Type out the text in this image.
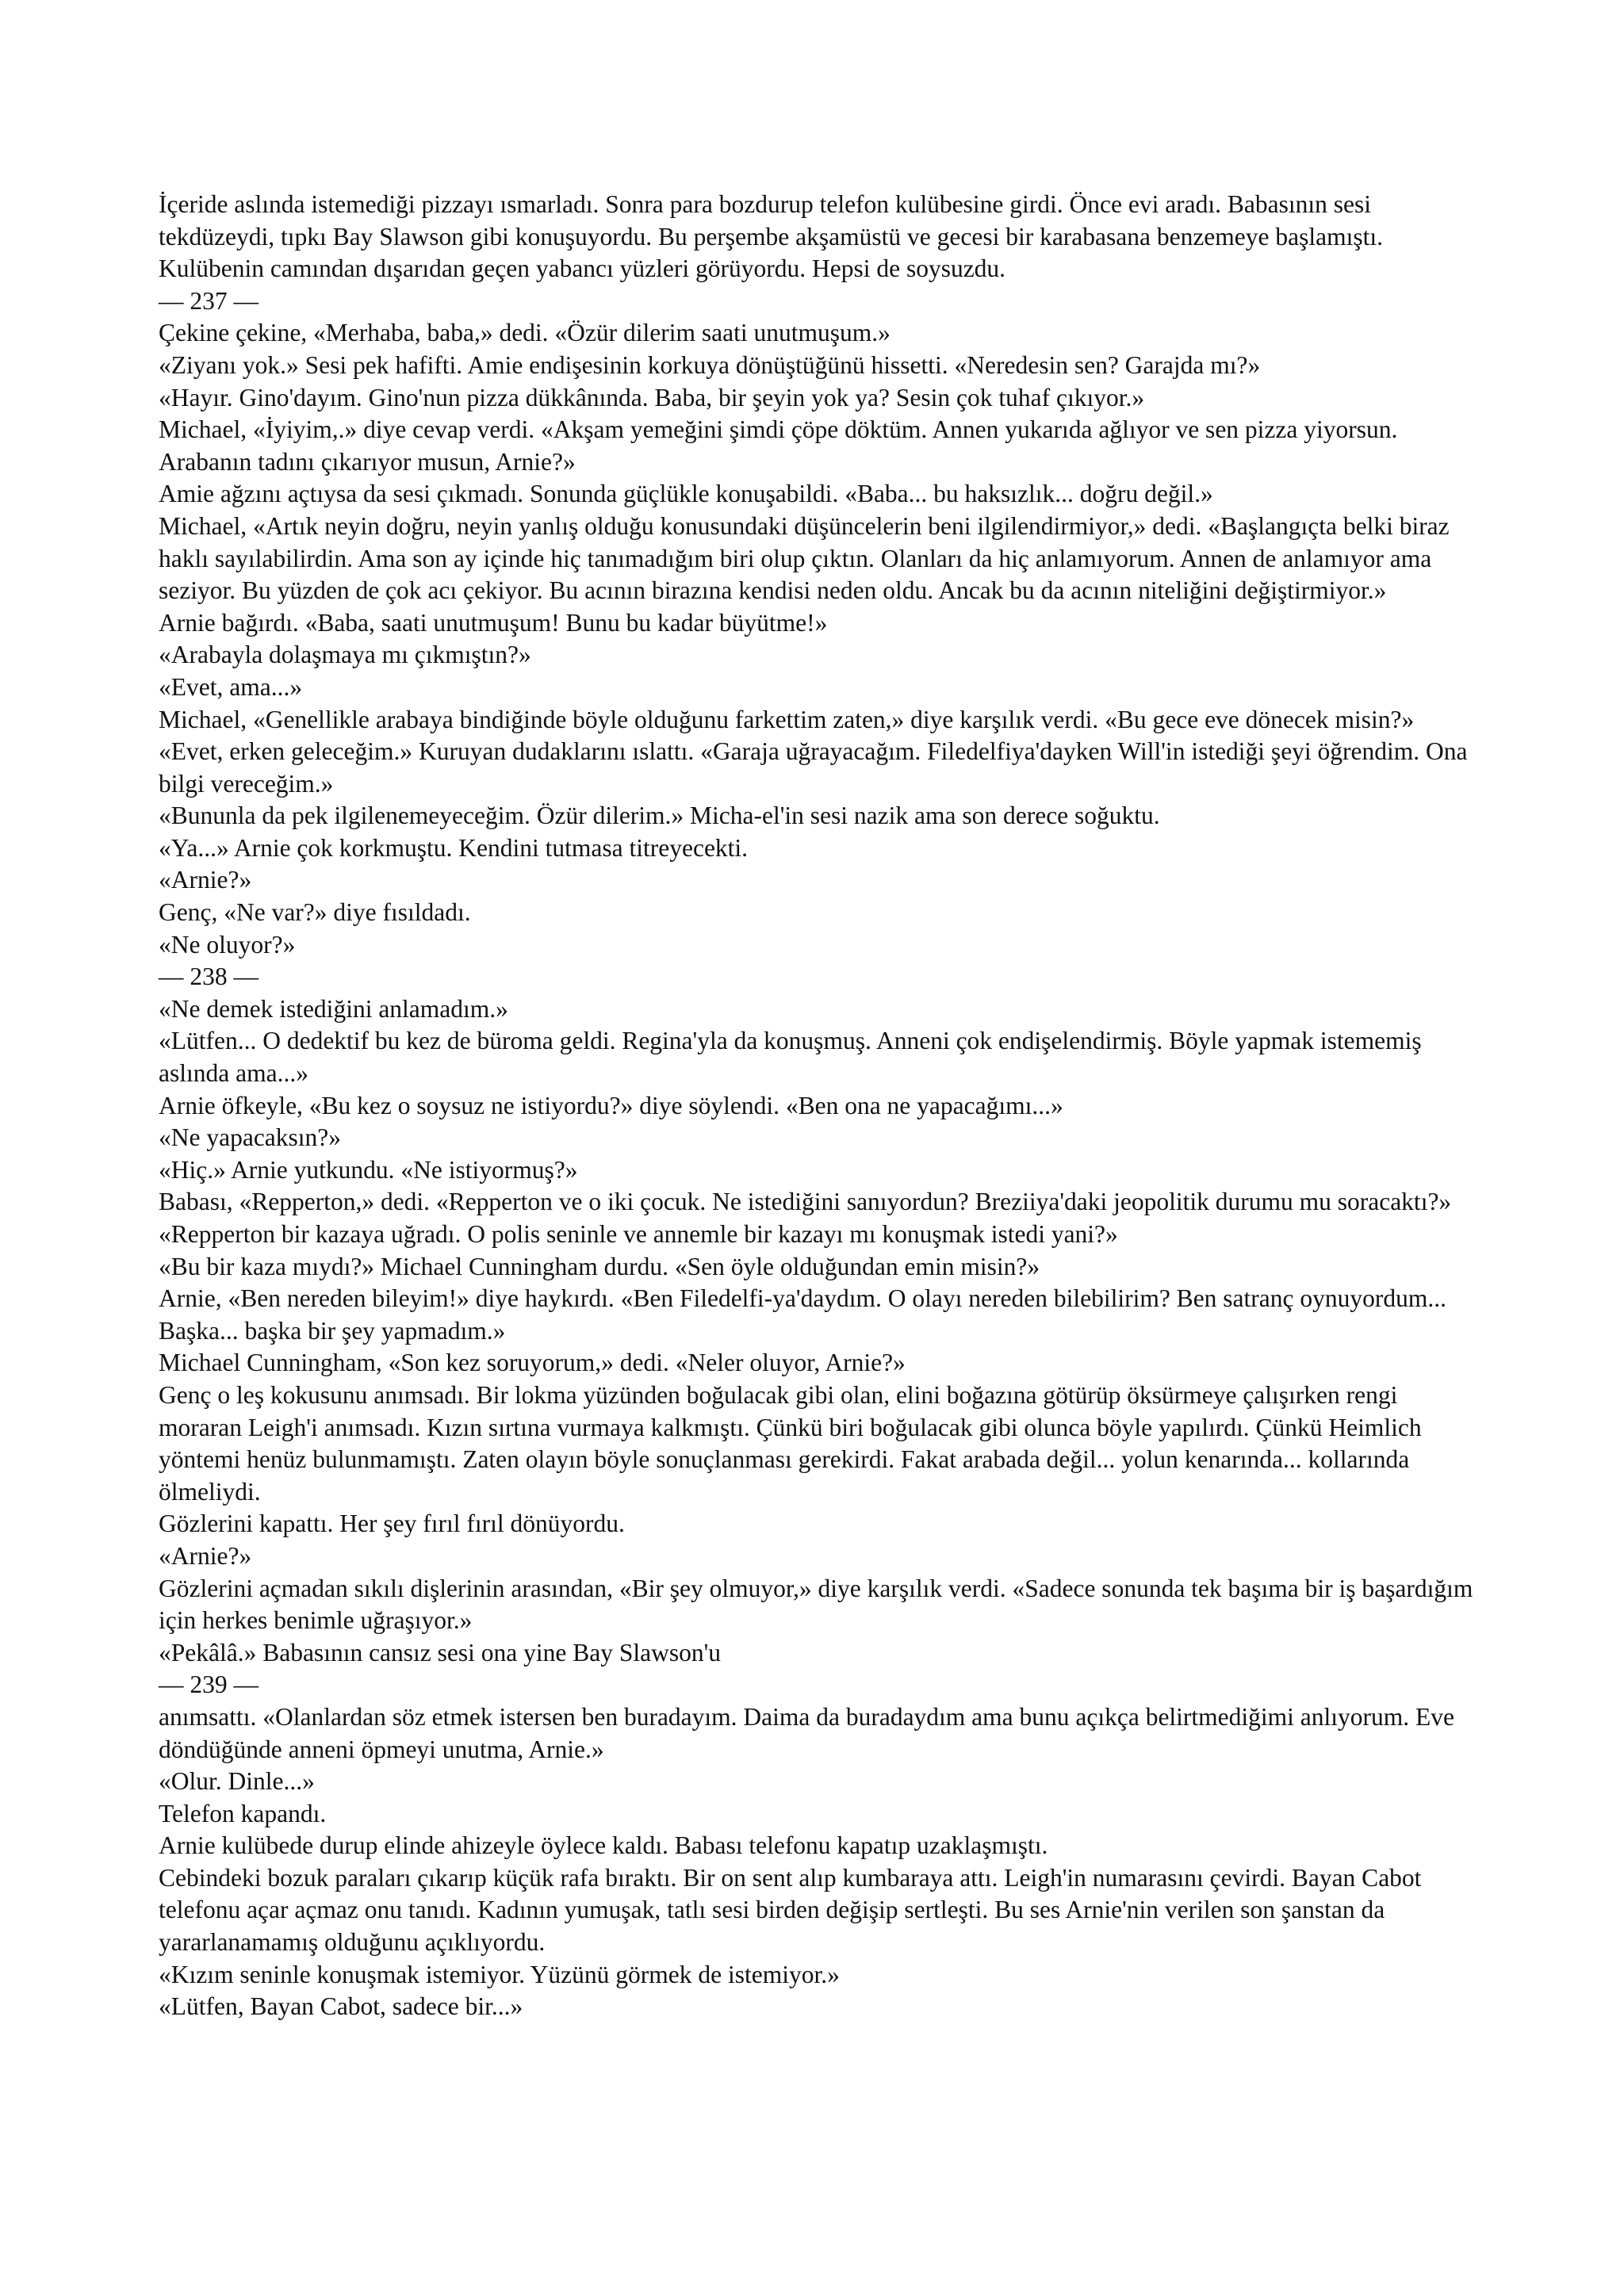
İçeride aslında istemediği pizzayı ısmarladı. Sonra para bozdurup telefon kulübesine girdi. Önce evi aradı. Babasının sesi tekdüzeydi, tıpkı Bay Slawson gibi konuşuyordu. Bu perşembe akşamüstü ve gecesi bir karabasana benzemeye başlamıştı. Kulübenin camından dışarıdan geçen yabancı yüzleri görüyordu. Hepsi de soysuzdu.

— 237 —

Çekine çekine, «Merhaba, baba,» dedi. «Özür dilerim saati unutmuşum.»

«Ziyanı yok.» Sesi pek hafifti. Amie endişesinin korkuya dönüştüğünü hissetti. «Neredesin sen? Garajda mı?»

«Hayır. Gino'dayım. Gino'nun pizza dükkânında. Baba, bir şeyin yok ya? Sesin çok tuhaf çıkıyor.»

Michael, «İyiyim,.» diye cevap verdi. «Akşam yemeğini şimdi çöpe döktüm. Annen yukarıda ağlıyor ve sen pizza yiyorsun. Arabanın tadını çıkarıyor musun, Arnie?»

Amie ağzını açtıysa da sesi çıkmadı. Sonunda güçlükle konuşabildi. «Baba... bu haksızlık... doğru değil.»

Michael, «Artık neyin doğru, neyin yanlış olduğu konusundaki düşüncelerin beni ilgilendirmiyor,» dedi. «Başlangıçta belki biraz haklı sayılabilirdin. Ama son ay içinde hiç tanımadığım biri olup çıktın. Olanları da hiç anlamıyorum. Annen de anlamıyor ama seziyor. Bu yüzden de çok acı çekiyor. Bu acının birazına kendisi neden oldu. Ancak bu da acının niteliğini değiştirmiyor.»

Arnie bağırdı. «Baba, saati unutmuşum! Bunu bu kadar büyütme!»

«Arabayla dolaşmaya mı çıkmıştın?»

«Evet, ama...»

Michael, «Genellikle arabaya bindiğinde böyle olduğunu farkettim zaten,» diye karşılık verdi. «Bu gece eve dönecek misin?»

«Evet, erken geleceğim.» Kuruyan dudaklarını ıslattı. «Garaja uğrayacağım. Filedelfiya'dayken Will'in istediği şeyi öğrendim. Ona bilgi vereceğim.»

«Bununla da pek ilgilenemeyeceğim. Özür dilerim.» Micha-el'in sesi nazik ama son derece soğuktu.

«Ya...» Arnie çok korkmuştu. Kendini tutmasa titreyecekti.

«Arnie?»

Genç, «Ne var?» diye fısıldadı.

«Ne oluyor?»

— 238 —

«Ne demek istediğini anlamadım.»

«Lütfen... O dedektif bu kez de büroma geldi. Regina'yla da konuşmuş. Anneni çok endişelendirmiş. Böyle yapmak istememiş aslında ama...»

Arnie öfkeyle, «Bu kez o soysuz ne istiyordu?» diye söylendi. «Ben ona ne yapacağımı...»

«Ne yapacaksın?»

«Hiç.» Arnie yutkundu. «Ne istiyormuş?»

Babası, «Repperton,» dedi. «Repperton ve o iki çocuk. Ne istediğini sanıyordun? Breziiya'daki jeopolitik durumu mu soracaktı?»

«Repperton bir kazaya uğradı. O polis seninle ve annemle bir kazayı mı konuşmak istedi yani?»

«Bu bir kaza mıydı?» Michael Cunningham durdu. «Sen öyle olduğundan emin misin?»

Arnie, «Ben nereden bileyim!» diye haykırdı. «Ben Filedelfi-ya'daydım. O olayı nereden bilebilirim? Ben satranç oynuyordum... Başka... başka bir şey yapmadım.»

Michael Cunningham, «Son kez soruyorum,» dedi. «Neler oluyor, Arnie?»

Genç o leş kokusunu anımsadı. Bir lokma yüzünden boğulacak gibi olan, elini boğazına götürüp öksürmeye çalışırken rengi moraran Leigh'i anımsadı. Kızın sırtına vurmaya kalkmıştı. Çünkü biri boğulacak gibi olunca böyle yapılırdı. Çünkü Heimlich yöntemi henüz bulunmamıştı. Zaten olayın böyle sonuçlanması gerekirdi. Fakat arabada değil... yolun kenarında... kollarında ölmeliydi.

Gözlerini kapattı. Her şey fırıl fırıl dönüyordu.

«Arnie?»

Gözlerini açmadan sıkılı dişlerinin arasından, «Bir şey olmuyor,» diye karşılık verdi. «Sadece sonunda tek başıma bir iş başardığım için herkes benimle uğraşıyor.»

«Pekâlâ.» Babasının cansız sesi ona yine Bay Slawson'u

— 239 —

anımsattı. «Olanlardan söz etmek istersen ben buradayım. Daima da buradaydım ama bunu açıkça belirtmediğimi anlıyorum. Eve döndüğünde anneni öpmeyi unutma, Arnie.»

«Olur. Dinle...»

Telefon kapandı.

Arnie kulübede durup elinde ahizeyle öylece kaldı. Babası telefonu kapatıp uzaklaşmıştı.

Cebindeki bozuk paraları çıkarıp küçük rafa bıraktı. Bir on sent alıp kumbaraya attı. Leigh'in numarasını çevirdi. Bayan Cabot telefonu açar açmaz onu tanıdı. Kadının yumuşak, tatlı sesi birden değişip sertleşti. Bu ses Arnie'nin verilen son şanstan da yararlanamamış olduğunu açıklıyordu.

«Kızım seninle konuşmak istemiyor. Yüzünü görmek de istemiyor.»

«Lütfen, Bayan Cabot, sadece bir...»
